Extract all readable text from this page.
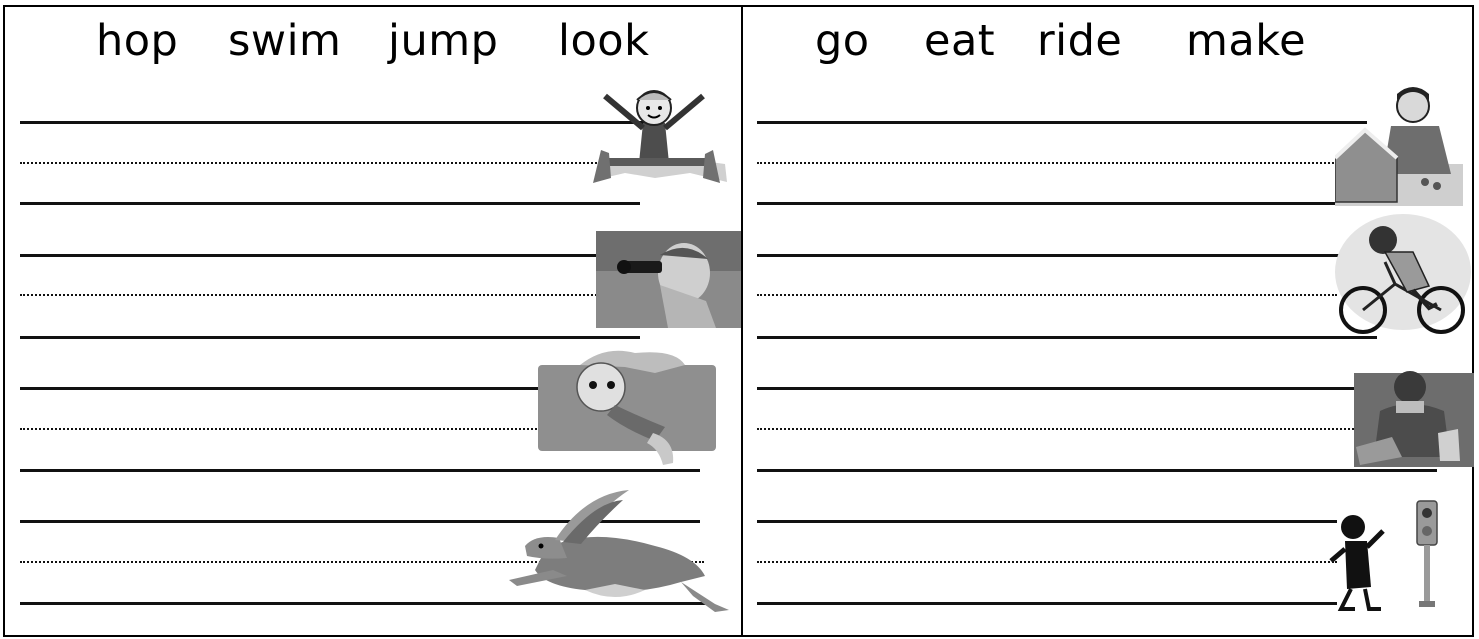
hop swim jump look	go eat ride make
